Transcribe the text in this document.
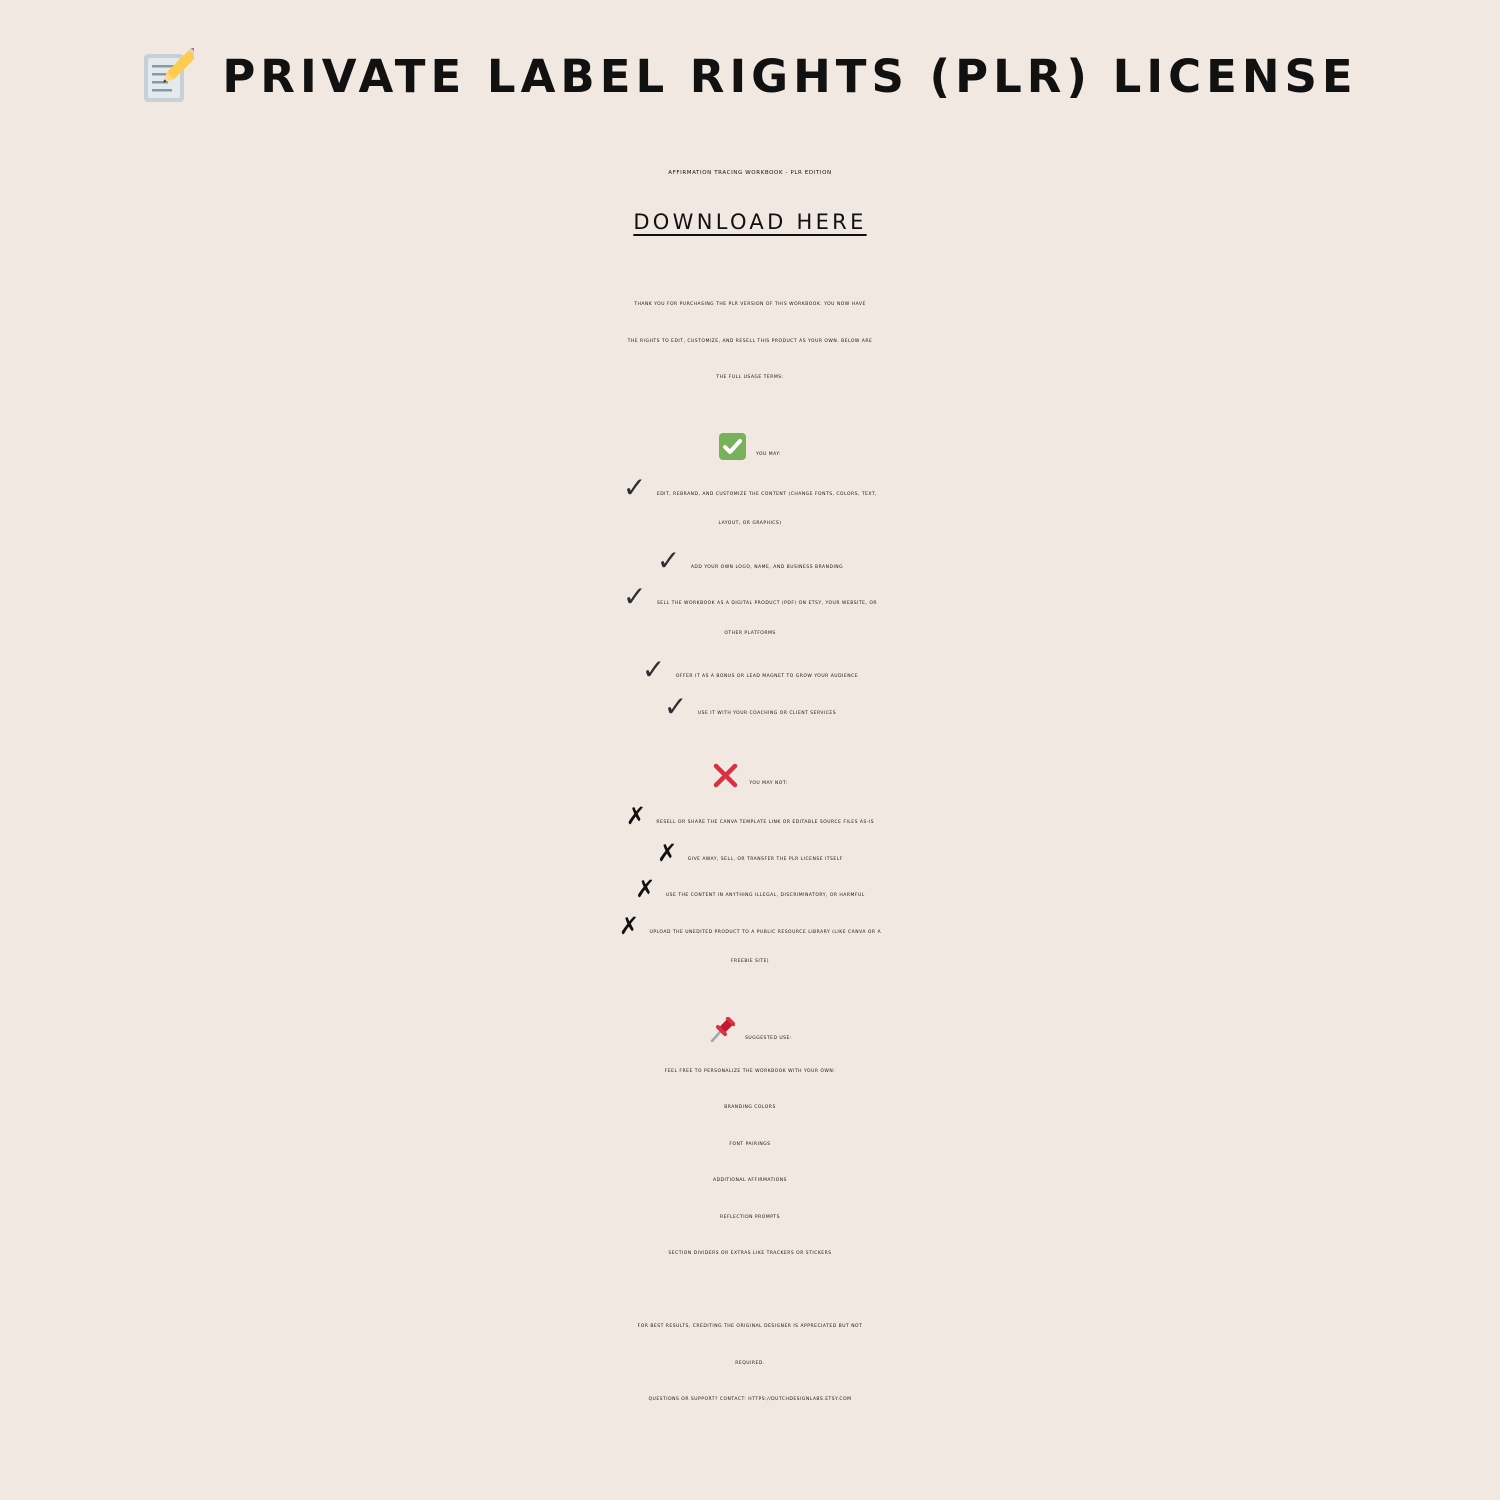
PRIVATE LABEL RIGHTS (PLR) LICENSE
AFFIRMATION TRACING WORKBOOK - PLR EDITION
DOWNLOAD HERE
THANK YOU FOR PURCHASING THE PLR VERSION OF THIS WORKBOOK. YOU NOW HAVE
THE RIGHTS TO EDIT, CUSTOMIZE, AND RESELL THIS PRODUCT AS YOUR OWN. BELOW ARE
THE FULL USAGE TERMS:
YOU MAY:
✓ EDIT, REBRAND, AND CUSTOMIZE THE CONTENT (CHANGE FONTS, COLORS, TEXT,
LAYOUT, OR GRAPHICS)
✓ ADD YOUR OWN LOGO, NAME, AND BUSINESS BRANDING
✓ SELL THE WORKBOOK AS A DIGITAL PRODUCT (PDF) ON ETSY, YOUR WEBSITE, OR
OTHER PLATFORMS
✓ OFFER IT AS A BONUS OR LEAD MAGNET TO GROW YOUR AUDIENCE
✓ USE IT WITH YOUR COACHING OR CLIENT SERVICES
YOU MAY NOT:
✗ RESELL OR SHARE THE CANVA TEMPLATE LINK OR EDITABLE SOURCE FILES AS-IS
✗ GIVE AWAY, SELL, OR TRANSFER THE PLR LICENSE ITSELF
✗ USE THE CONTENT IN ANYTHING ILLEGAL, DISCRIMINATORY, OR HARMFUL
✗ UPLOAD THE UNEDITED PRODUCT TO A PUBLIC RESOURCE LIBRARY (LIKE CANVA OR A
FREEBIE SITE)
SUGGESTED USE:
FEEL FREE TO PERSONALIZE THE WORKBOOK WITH YOUR OWN:
BRANDING COLORS
FONT PAIRINGS
ADDITIONAL AFFIRMATIONS
REFLECTION PROMPTS
SECTION DIVIDERS OR EXTRAS LIKE TRACKERS OR STICKERS
FOR BEST RESULTS, CREDITING THE ORIGINAL DESIGNER IS APPRECIATED BUT NOT
REQUIRED.
QUESTIONS OR SUPPORT? CONTACT: HTTPS://DUTCHDESIGNLABS.ETSY.COM
